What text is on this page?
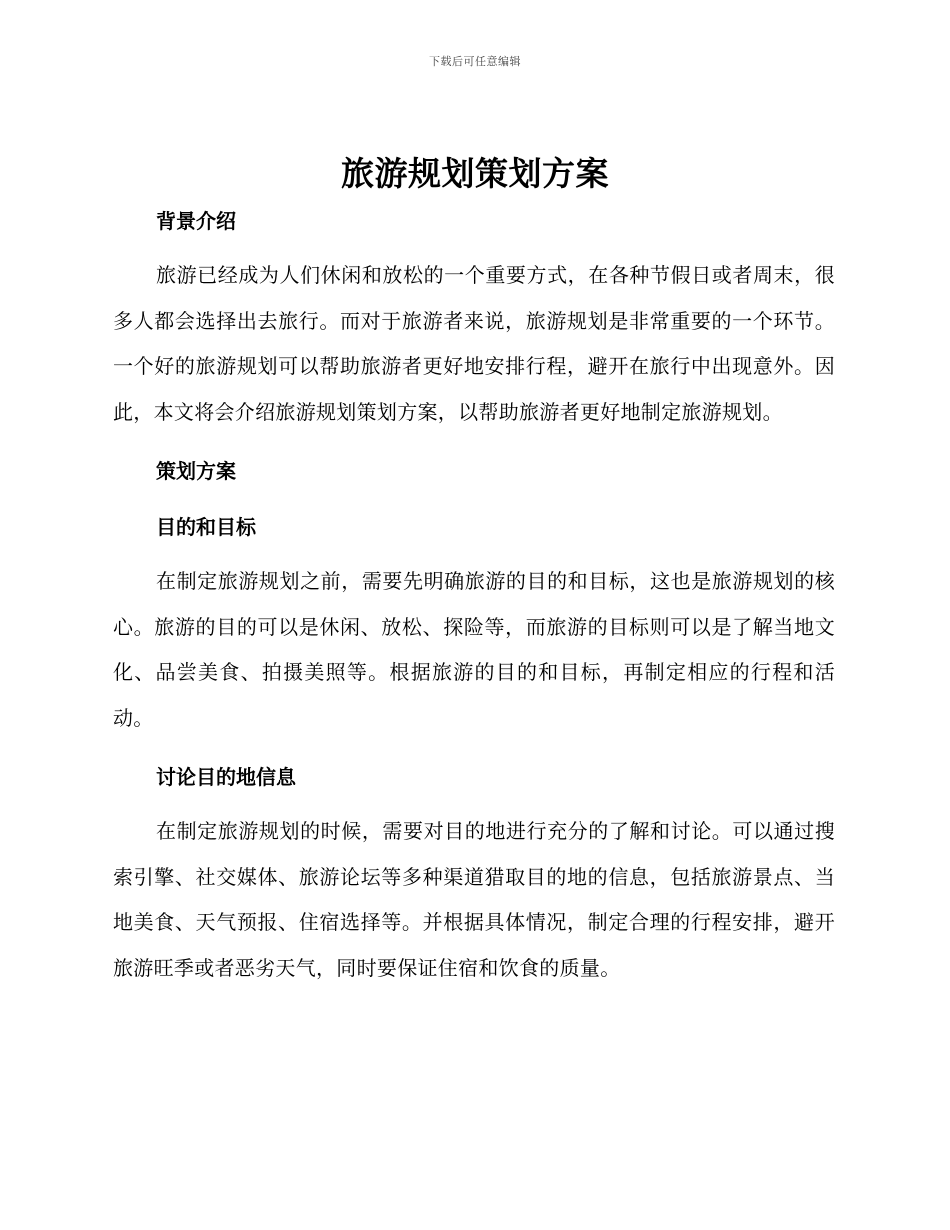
下载后可任意编辑
旅游规划策划方案

背景介绍

旅游已经成为人们休闲和放松的一个重要方式，在各种节假日或者周末，很多人都会选择出去旅行。而对于旅游者来说，旅游规划是非常重要的一个环节。一个好的旅游规划可以帮助旅游者更好地安排行程，避开在旅行中出现意外。因此，本文将会介绍旅游规划策划方案，以帮助旅游者更好地制定旅游规划。

策划方案

目的和目标

在制定旅游规划之前，需要先明确旅游的目的和目标，这也是旅游规划的核心。旅游的目的可以是休闲、放松、探险等，而旅游的目标则可以是了解当地文化、品尝美食、拍摄美照等。根据旅游的目的和目标，再制定相应的行程和活动。

讨论目的地信息

在制定旅游规划的时候，需要对目的地进行充分的了解和讨论。可以通过搜索引擎、社交媒体、旅游论坛等多种渠道猎取目的地的信息，包括旅游景点、当地美食、天气预报、住宿选择等。并根据具体情况，制定合理的行程安排，避开旅游旺季或者恶劣天气，同时要保证住宿和饮食的质量。
